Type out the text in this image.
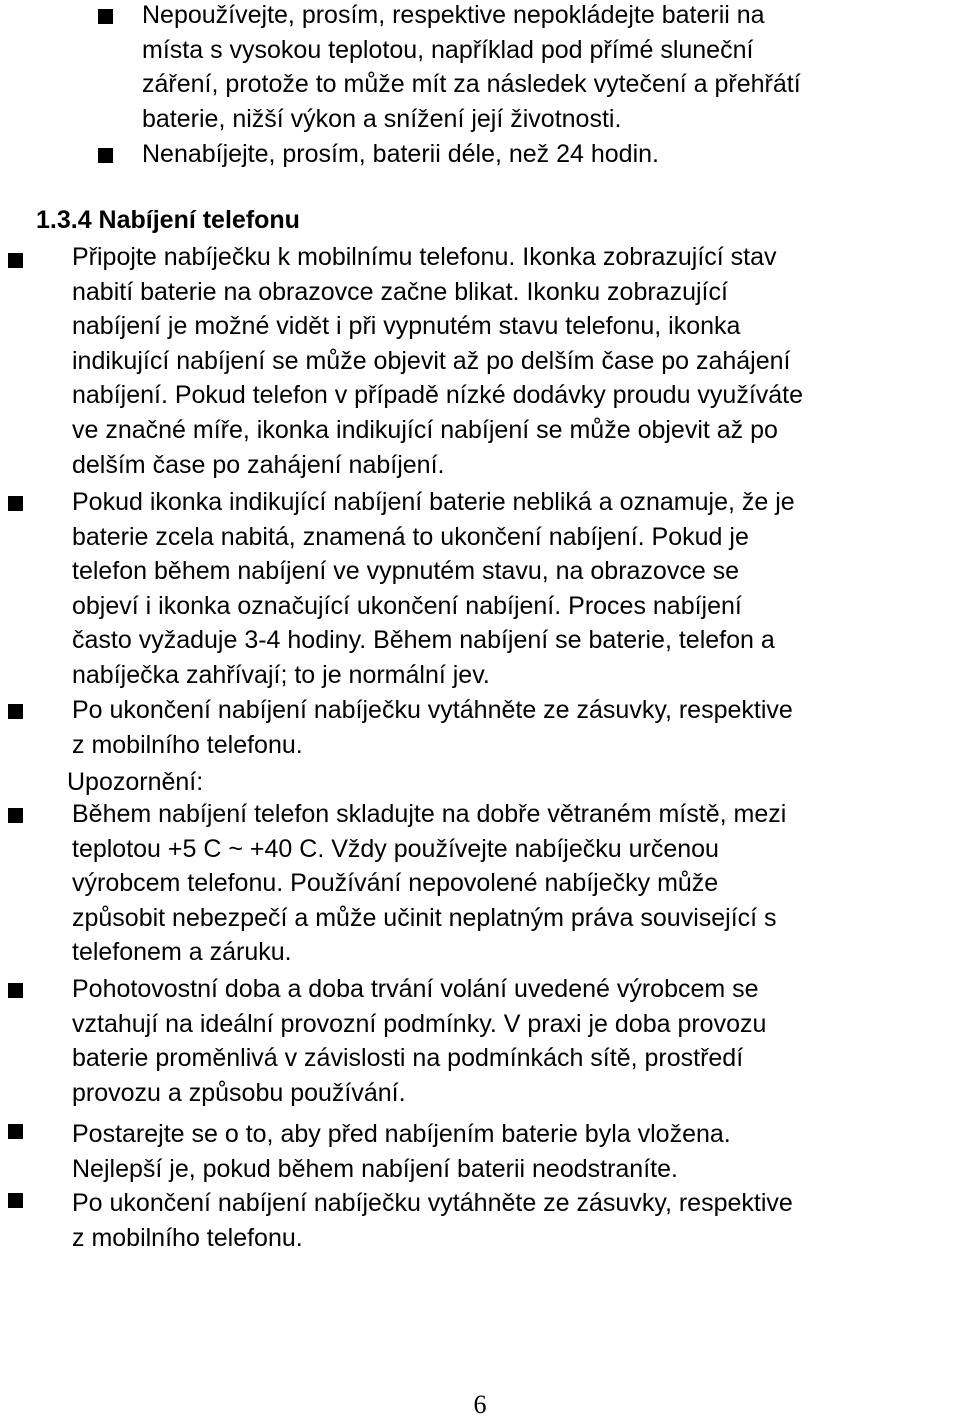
Nepoužívejte, prosím, respektive nepokládejte baterii na
místa s vysokou teplotou, například pod přímé sluneční
záření, protože to může mít za následek vytečení a přehřátí
baterie, nižší výkon a snížení její životnosti.
Nenabíjejte, prosím, baterii déle, než 24 hodin.
1.3.4 Nabíjení telefonu
Připojte nabíječku k mobilnímu telefonu. Ikonka zobrazující stav
nabití baterie na obrazovce začne blikat. Ikonku zobrazující
nabíjení je možné vidět i při vypnutém stavu telefonu, ikonka
indikující nabíjení se může objevit až po delším čase po zahájení
nabíjení. Pokud telefon v případě nízké dodávky proudu využíváte
ve značné míře, ikonka indikující nabíjení se může objevit až po
delším čase po zahájení nabíjení.
Pokud ikonka indikující nabíjení baterie nebliká a oznamuje, že je
baterie zcela nabitá, znamená to ukončení nabíjení. Pokud je
telefon během nabíjení ve vypnutém stavu, na obrazovce se
objeví i ikonka označující ukončení nabíjení. Proces nabíjení
často vyžaduje 3-4 hodiny. Během nabíjení se baterie, telefon a
nabíječka zahřívají; to je normální jev.
Po ukončení nabíjení nabíječku vytáhněte ze zásuvky, respektive
z mobilního telefonu.
Upozornění:
Během nabíjení telefon skladujte na dobře větraném místě, mezi
teplotou +5 C ~ +40 C. Vždy používejte nabíječku určenou
výrobcem telefonu. Používání nepovolené nabíječky může
způsobit nebezpečí a může učinit neplatným práva související s
telefonem a záruku.
Pohotovostní doba a doba trvání volání uvedené výrobcem se
vztahují na ideální provozní podmínky. V praxi je doba provozu
baterie proměnlivá v závislosti na podmínkách sítě, prostředí
provozu a způsobu používání.
Postarejte se o to, aby před nabíjením baterie byla vložena.
Nejlepší je, pokud během nabíjení baterii neodstraníte.
Po ukončení nabíjení nabíječku vytáhněte ze zásuvky, respektive
z mobilního telefonu.
6
